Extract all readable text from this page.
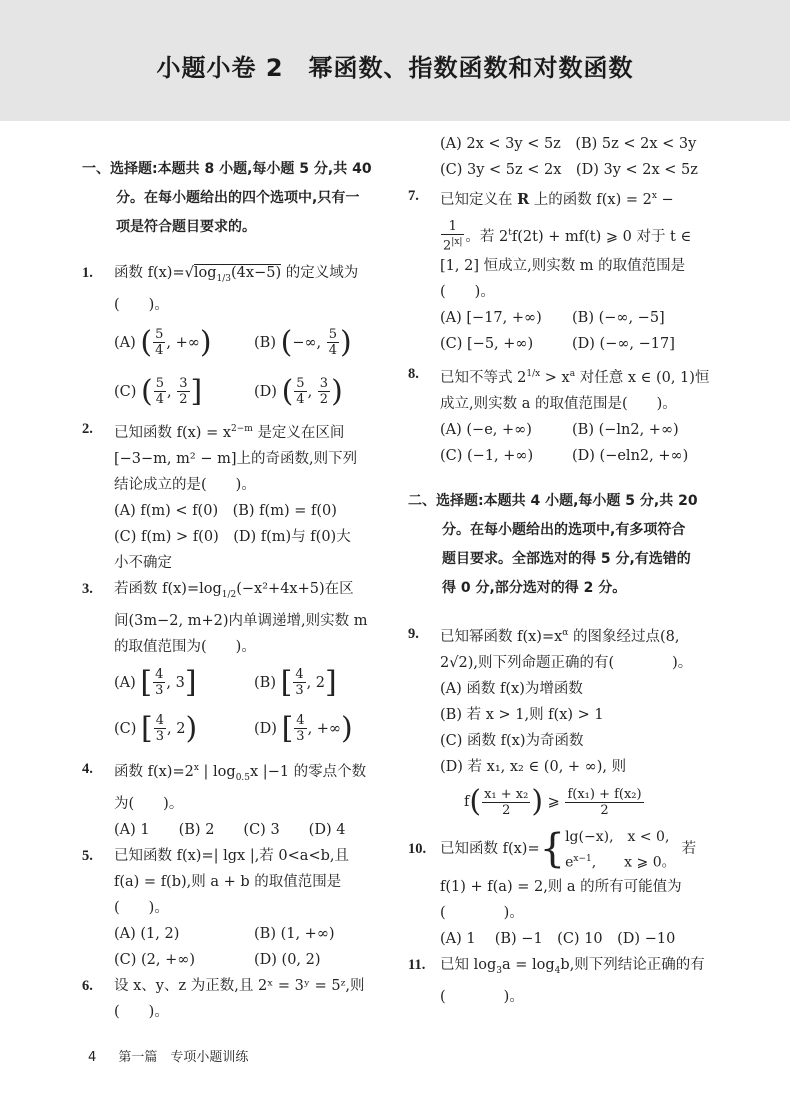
小题小卷 2　幂函数、指数函数和对数函数
一、选择题:本题共 8 小题,每小题 5 分,共 40
分。在每小题给出的四个选项中,只有一
项是符合题目要求的。
1. 函数 $f(x)=√\log_{1/3}(4x-5)$ 的定义域为
(　　)。
(A) ( $\frac{5}{4}$ , +∞)	(B) (−∞, $\frac{5}{4}$ )
(C) ( $\frac{5}{4}$ , $\frac{3}{2}$ ]	(D) ( $\frac{5}{4}$ , $\frac{3}{2}$ )
2. 已知函数 $f(x) = x^{2-m}$ 是定义在区间
[−3−m, m² − m]上的奇函数,则下列
结论成立的是(　　)。
(A) f(m) < f(0)　(B) f(m) = f(0)
(C) f(m) > f(0)　(D) f(m)与 f(0)大
小不确定
3. 若函数 $f(x)=\log_{1/2}(-x^2+4x+5)$在区
间(3m−2, m+2)内单调递增,则实数 m
的取值范围为(　　)。
(A) [ $\frac{4}{3}$ , 3]	(B) [ $\frac{4}{3}$ , 2]
(C) [ $\frac{4}{3}$ , 2)	(D) [ $\frac{4}{3}$ , +∞)
4. 函数 $f(x)=2^x$ | $\log_{0.5}x$ |−1 的零点个数
为(　　)。
(A) 1　　(B) 2　　(C) 3　　(D) 4
5. 已知函数 f(x)=| lgx |,若 0<a<b,且
f(a) = f(b),则 a + b 的取值范围是
(　　)。
(A) (1, 2)	(B) (1, +∞)
(C) (2, +∞)	(D) (0, 2)
6. 设 x、y、z 为正数,且 2ˣ = 3ʸ = 5ᶻ,则
(　　)。
(A) 2x < 3y < 5z　(B) 5z < 2x < 3y
(C) 3y < 5z < 2x　(D) 3y < 2x < 5z
7. 已知定义在 R 上的函数 $f(x) = 2^x$ −
$\frac{1}{2^{|x|}}$ 。若 $2^tf(2t) + mf(t)$ ⩾ 0 对于 t ∈
[1, 2] 恒成立,则实数 m 的取值范围是
(　　)。
(A) [−17, +∞) (B) (−∞, −5]
(C) [−5, +∞)	(D) (−∞, −17]
8. 已知不等式 $2^{1/x} > x^a$ 对任意 x ∈ (0, 1)恒
成立,则实数 a 的取值范围是(　　)。
(A) (−e, +∞)	(B) (−ln2, +∞)
(C) (−1, +∞)	(D) (−eln2, +∞)
二、选择题:本题共 4 小题,每小题 5 分,共 20
分。在每小题给出的选项中,有多项符合
题目要求。全部选对的得 5 分,有选错的
得 0 分,部分选对的得 2 分。
9. 已知幂函数 $f(x)=x^\alpha$ 的图象经过点(8,
2√2),则下列命题正确的有(　　　　)。
(A) 函数 f(x)为增函数
(B) 若 x > 1,则 f(x) > 1
(C) 函数 f(x)为奇函数
(D) 若 x₁, x₂ ∈ (0, + ∞), 则
$f( \frac{\text{x₁ + x₂}}{2}$ ) ⩾ $\frac{\text{f(x₁) + f(x₂)}}{2}$
10. 已知函数 f(x)={lg(−x),　x < 0,
$e^{x-1}$,　　x ⩾ 0。若
f(1) + f(a) = 2,则 a 的所有可能值为
(　　　　)。
(A) 1　 (B) −1　(C) 10　(D) −10
11. 已知 $\log_3a = \log_4b$,则下列结论正确的有
(　　　　)。
4 第一篇　专项小题训练
